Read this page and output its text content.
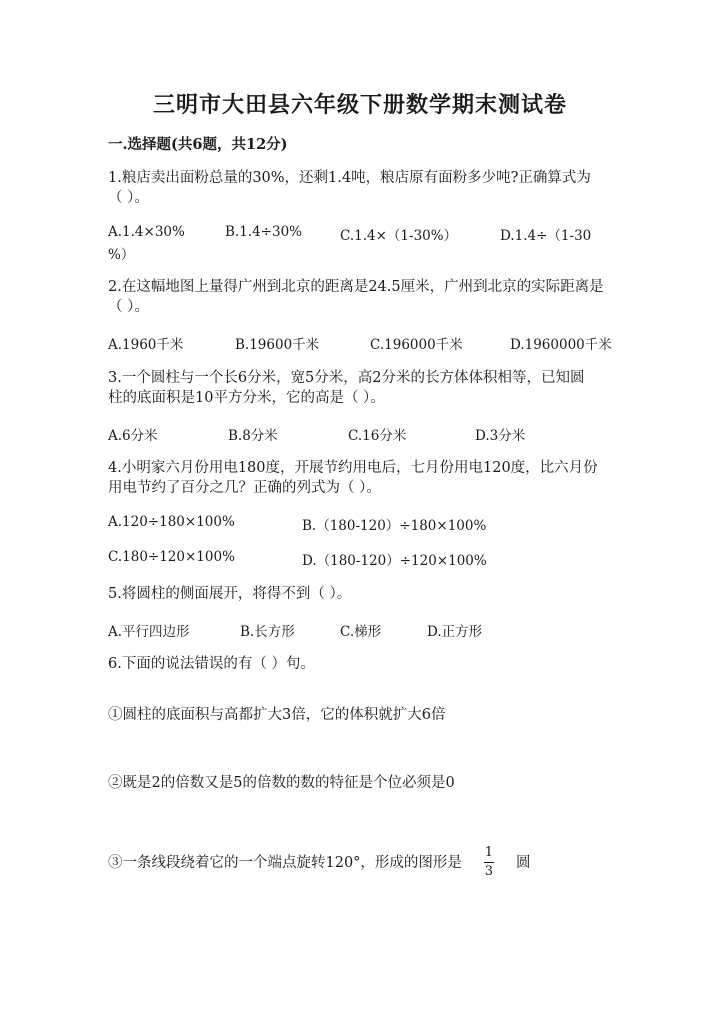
三明市大田县六年级下册数学期末测试卷
一.选择题(共6题，共12分)
1.粮店卖出面粉总量的30%，还剩1.4吨，粮店原有面粉多少吨?正确算式为
（ ）。
A.1.4×30%	B.1.4÷30%	C.1.4×（1-30%）	D.1.4÷（1-30
%）
2.在这幅地图上量得广州到北京的距离是24.5厘米，广州到北京的实际距离是
（ ）。
A.1960千米	B.19600千米	C.196000千米	D.1960000千米
3.一个圆柱与一个长6分米，宽5分米，高2分米的长方体体积相等，已知圆
柱的底面积是10平方分米，它的高是（ ）。
A.6分米	B.8分米	C.16分米	D.3分米
4.小明家六月份用电180度，开展节约用电后，七月份用电120度，比六月份
用电节约了百分之几？正确的列式为（ ）。
A.120÷180×100%	B.（180-120）÷180×100%
C.180÷120×100%	D.（180-120）÷120×100%
5.将圆柱的侧面展开，将得不到（ ）。
A.平行四边形	B.长方形	C.梯形	D.正方形
6.下面的说法错误的有（ ）句。
①圆柱的底面积与高都扩大3倍，它的体积就扩大6倍
②既是2的倍数又是5的倍数的数的特征是个位必须是0
③一条线段绕着它的一个端点旋转120°，形成的图形是 $\frac{1}{3}$ 圆
